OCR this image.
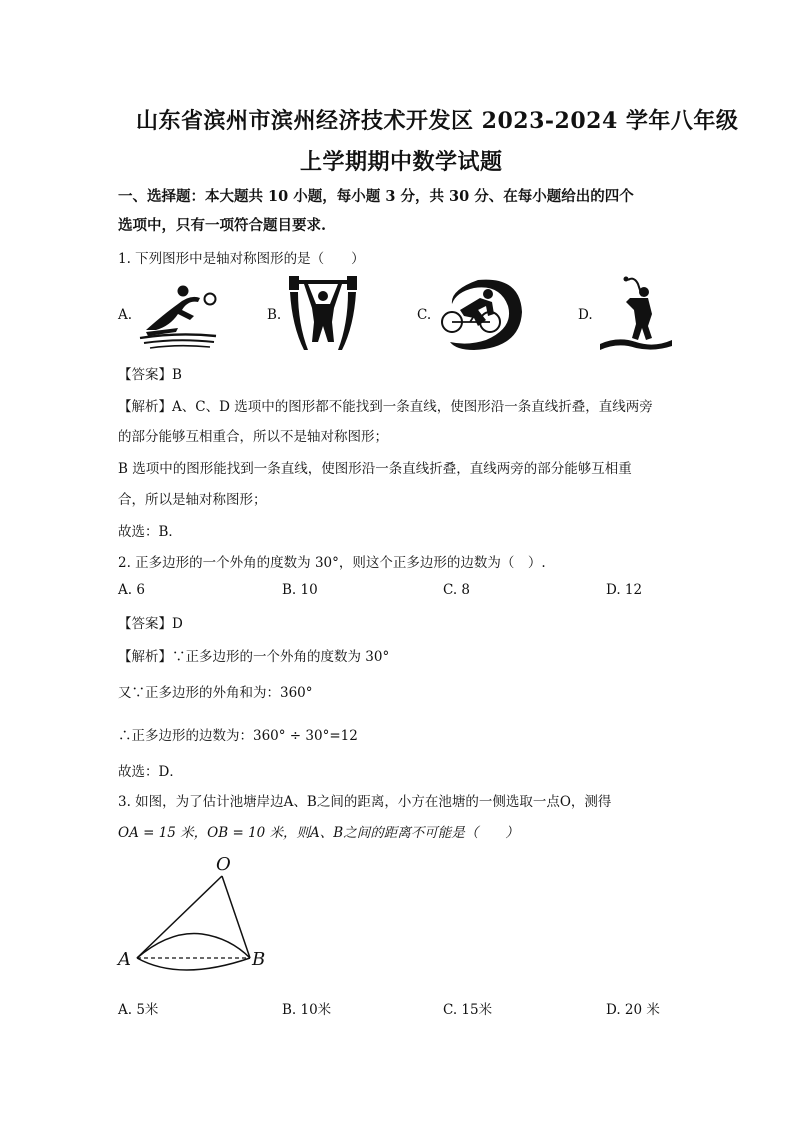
山东省滨州市滨州经济技术开发区 2023-2024 学年八年级
上学期期中数学试题
一、选择题：本大题共 10 小题，每小题 3 分，共 30 分、在每小题给出的四个
选项中，只有一项符合题目要求.
1. 下列图形中是轴对称图形的是（　　）
A.	B.	C.	D.
【答案】B
【解析】A、C、D 选项中的图形都不能找到一条直线，使图形沿一条直线折叠，直线两旁
的部分能够互相重合，所以不是轴对称图形；
B 选项中的图形能找到一条直线，使图形沿一条直线折叠，直线两旁的部分能够互相重
合，所以是轴对称图形；
故选：B．
2. 正多边形的一个外角的度数为 30°，则这个正多边形的边数为（　）.
A. 6	B. 10	C. 8	D. 12
【答案】D
【解析】∵正多边形的一个外角的度数为 30°
又∵正多边形的外角和为：360°
∴正多边形的边数为：360° ÷ 30°=12
故选：D．
3. 如图，为了估计池塘岸边A、B之间的距离，小方在池塘的一侧选取一点O，测得
OA = 15 米，OB = 10 米，则A、B之间的距离不可能是（　　）
O
A	B
A. 5米	B. 10米	C. 15米	D. 20 米
